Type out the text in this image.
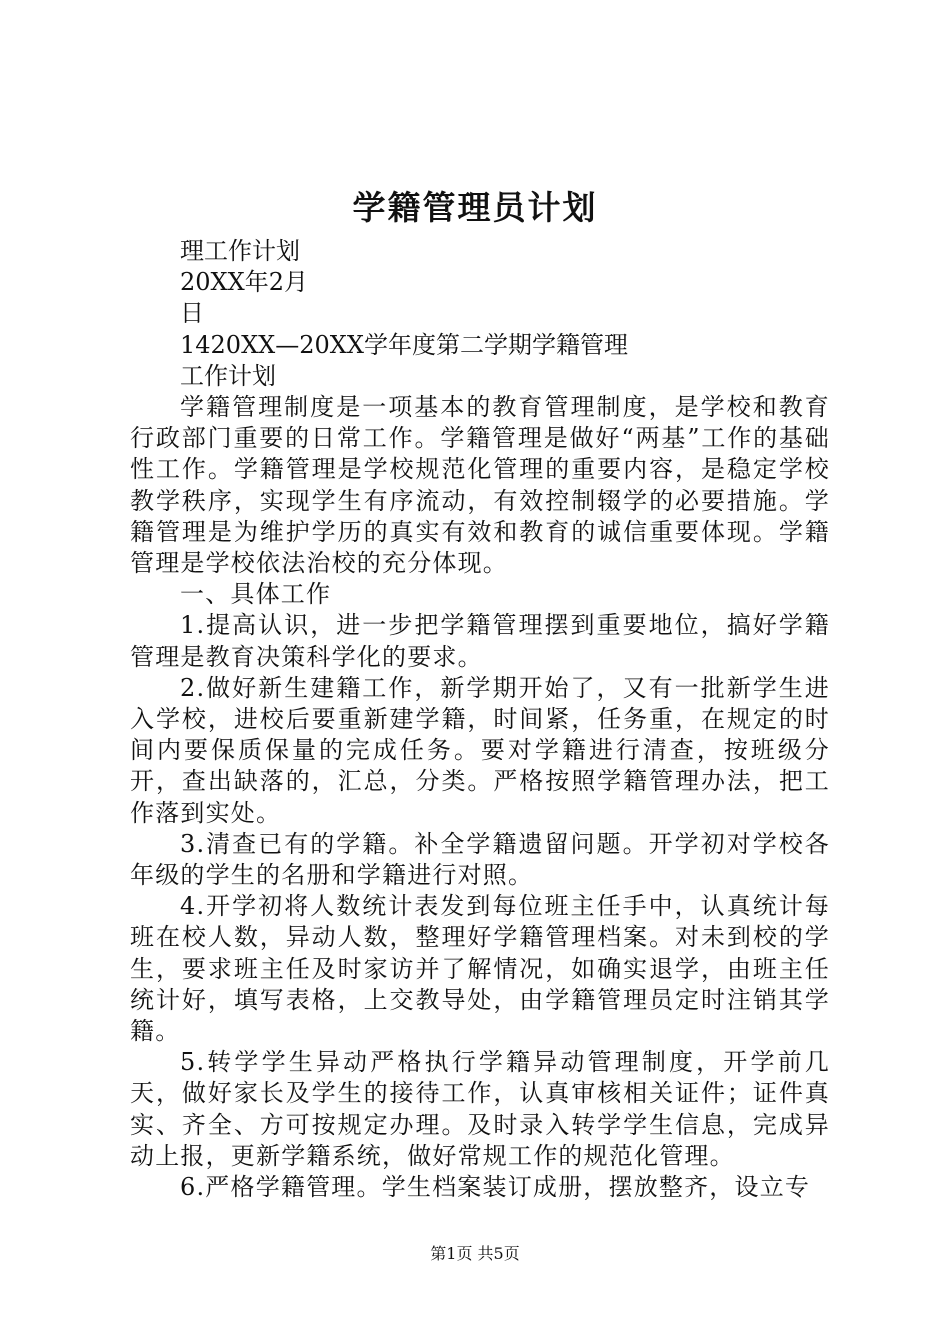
学籍管理员计划

理工作计划

20XX年2月

日

1420XX—20XX学年度第二学期学籍管理

工作计划

学籍管理制度是一项基本的教育管理制度，是学校和教育行政部门重要的日常工作。学籍管理是做好“两基”工作的基础性工作。学籍管理是学校规范化管理的重要内容，是稳定学校教学秩序，实现学生有序流动，有效控制辍学的必要措施。学籍管理是为维护学历的真实有效和教育的诚信重要体现。学籍管理是学校依法治校的充分体现。

一、具体工作

1.提高认识，进一步把学籍管理摆到重要地位，搞好学籍管理是教育决策科学化的要求。

2.做好新生建籍工作，新学期开始了，又有一批新学生进入学校，进校后要重新建学籍，时间紧，任务重，在规定的时间内要保质保量的完成任务。要对学籍进行清查，按班级分开，查出缺落的，汇总，分类。严格按照学籍管理办法，把工作落到实处。

3.清查已有的学籍。补全学籍遗留问题。开学初对学校各年级的学生的名册和学籍进行对照。

4.开学初将人数统计表发到每位班主任手中，认真统计每班在校人数，异动人数，整理好学籍管理档案。对未到校的学生，要求班主任及时家访并了解情况，如确实退学，由班主任统计好，填写表格，上交教导处，由学籍管理员定时注销其学籍。

5.转学学生异动严格执行学籍异动管理制度，开学前几天，做好家长及学生的接待工作，认真审核相关证件；证件真实、齐全、方可按规定办理。及时录入转学学生信息，完成异动上报，更新学籍系统，做好常规工作的规范化管理。

6.严格学籍管理。学生档案装订成册，摆放整齐，设立专

第1页 共5页
